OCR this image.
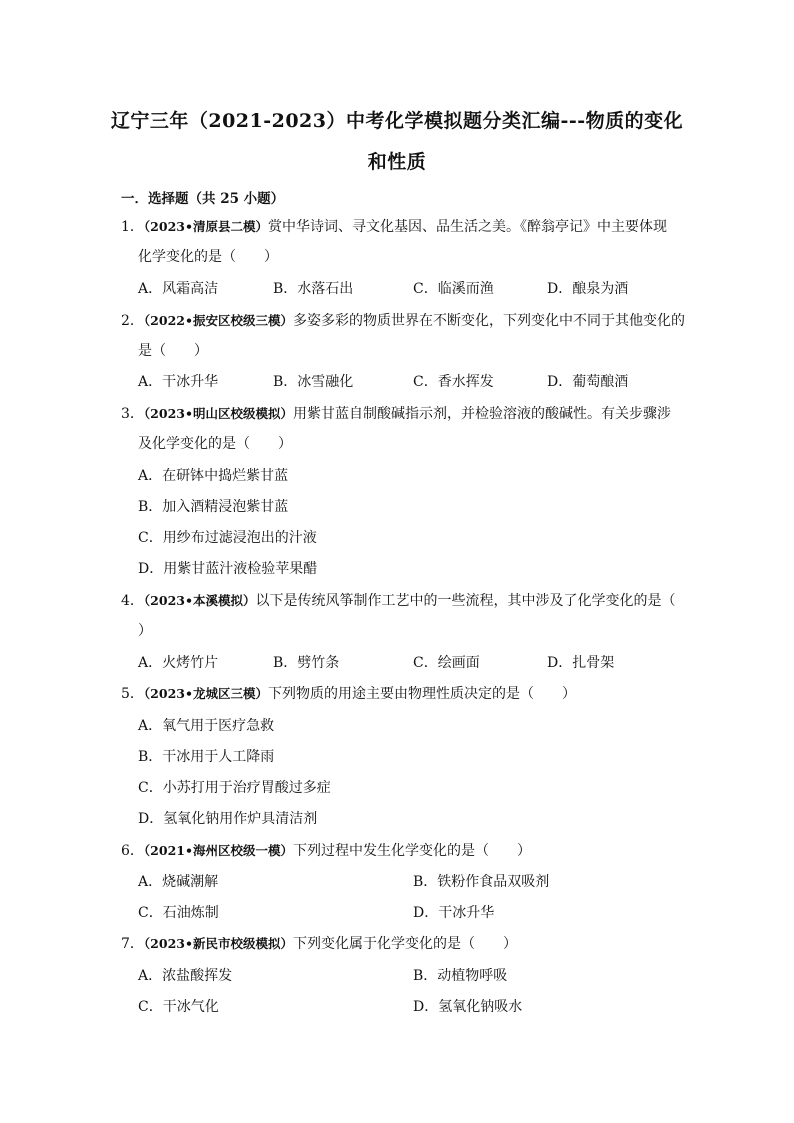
辽宁三年（2021-2023）中考化学模拟题分类汇编---物质的变化
和性质
一．选择题（共 25 小题）
1．（2023•清原县二模）赏中华诗词、寻文化基因、品生活之美。《醉翁亭记》中主要体现
化学变化的是（　　）
A．风霜高洁	B．水落石出	C．临溪而渔	D．酿泉为酒
2．（2022•振安区校级三模）多姿多彩的物质世界在不断变化，下列变化中不同于其他变化的
是（　　）
A．干冰升华	B．冰雪融化	C．香水挥发	D．葡萄酿酒
3．（2023•明山区校级模拟）用紫甘蓝自制酸碱指示剂，并检验溶液的酸碱性。有关步骤涉
及化学变化的是（　　）
A．在研钵中捣烂紫甘蓝
B．加入酒精浸泡紫甘蓝
C．用纱布过滤浸泡出的汁液
D．用紫甘蓝汁液检验苹果醋
4．（2023•本溪模拟）以下是传统风筝制作工艺中的一些流程，其中涉及了化学变化的是（
）
A．火烤竹片	B．劈竹条	C．绘画面	D．扎骨架
5．（2023•龙城区三模）下列物质的用途主要由物理性质决定的是（　　）
A．氧气用于医疗急救
B．干冰用于人工降雨
C．小苏打用于治疗胃酸过多症
D．氢氧化钠用作炉具清洁剂
6．（2021•海州区校级一模）下列过程中发生化学变化的是（　　）
A．烧碱潮解	B．铁粉作食品双吸剂
C．石油炼制	D．干冰升华
7．（2023•新民市校级模拟）下列变化属于化学变化的是（　　）
A．浓盐酸挥发	B．动植物呼吸
C．干冰气化	D．氢氧化钠吸水
